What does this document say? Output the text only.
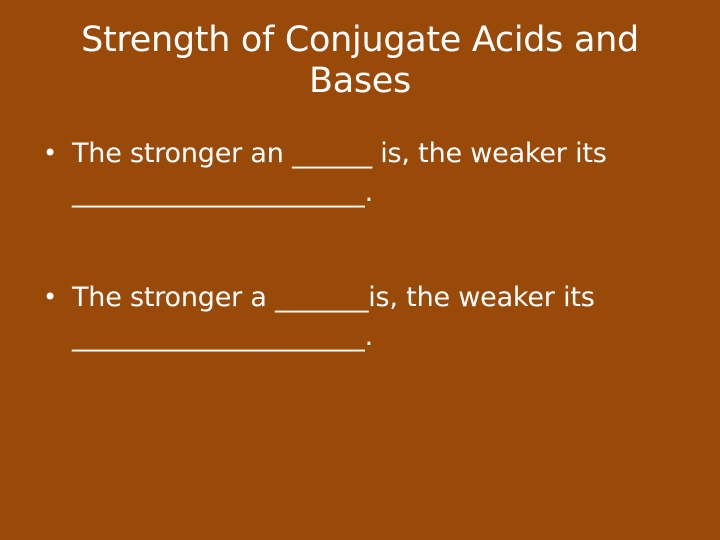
Strength of Conjugate Acids and
Bases
• The stronger an ______ is, the weaker its
______________________.
• The stronger a _______is, the weaker its
______________________.
